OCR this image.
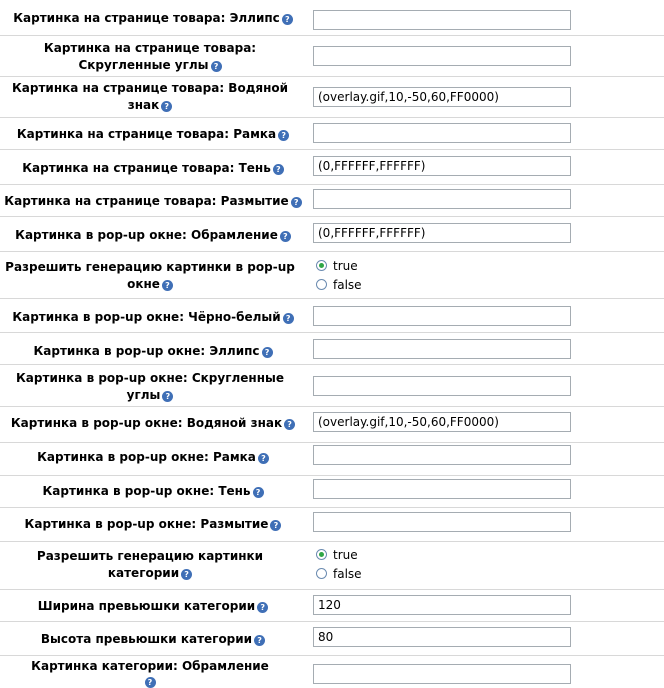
Картинка на странице товара: Эллипс ?
Картинка на странице товара: Скругленные углы ?
Картинка на странице товара: Водяной знак ?
(overlay.gif,10,-50,60,FF0000)
Картинка на странице товара: Рамка ?
Картинка на странице товара: Тень ?
(0,FFFFFF,FFFFFF)
Картинка на странице товара: Размытие ?
Картинка в pop-up окне: Обрамление ?
(0,FFFFFF,FFFFFF)
Разрешить генерацию картинки в pop-up окне ?
true
false
Картинка в pop-up окне: Чёрно-белый ?
Картинка в pop-up окне: Эллипс ?
Картинка в pop-up окне: Скругленные углы ?
Картинка в pop-up окне: Водяной знак ?
(overlay.gif,10,-50,60,FF0000)
Картинка в pop-up окне: Рамка ?
Картинка в pop-up окне: Тень ?
Картинка в pop-up окне: Размытие ?
Разрешить генерацию картинки категории ?
true
false
Ширина превьюшки категории ?
120
Высота превьюшки категории ?
80
Картинка категории: Обрамление
?
